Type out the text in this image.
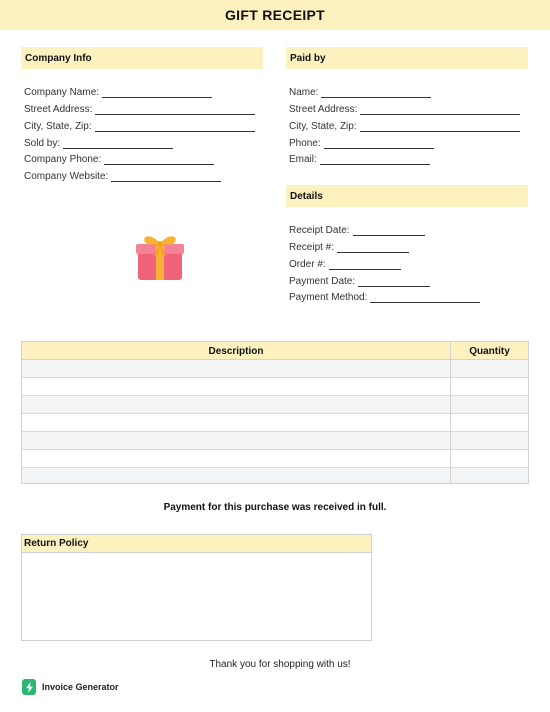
GIFT RECEIPT
Company Info
Company Name:
Street Address:
City, State, Zip:
Sold by:
Company Phone:
Company Website:
Paid by
Name:
Street Address:
City, State, Zip:
Phone:
Email:
Details
Receipt Date:
Receipt #:
Order #:
Payment Date:
Payment Method:
Description	Quantity
Payment for this purchase was received in full.
Return Policy
Thank you for shopping with us!
Invoice Generator
